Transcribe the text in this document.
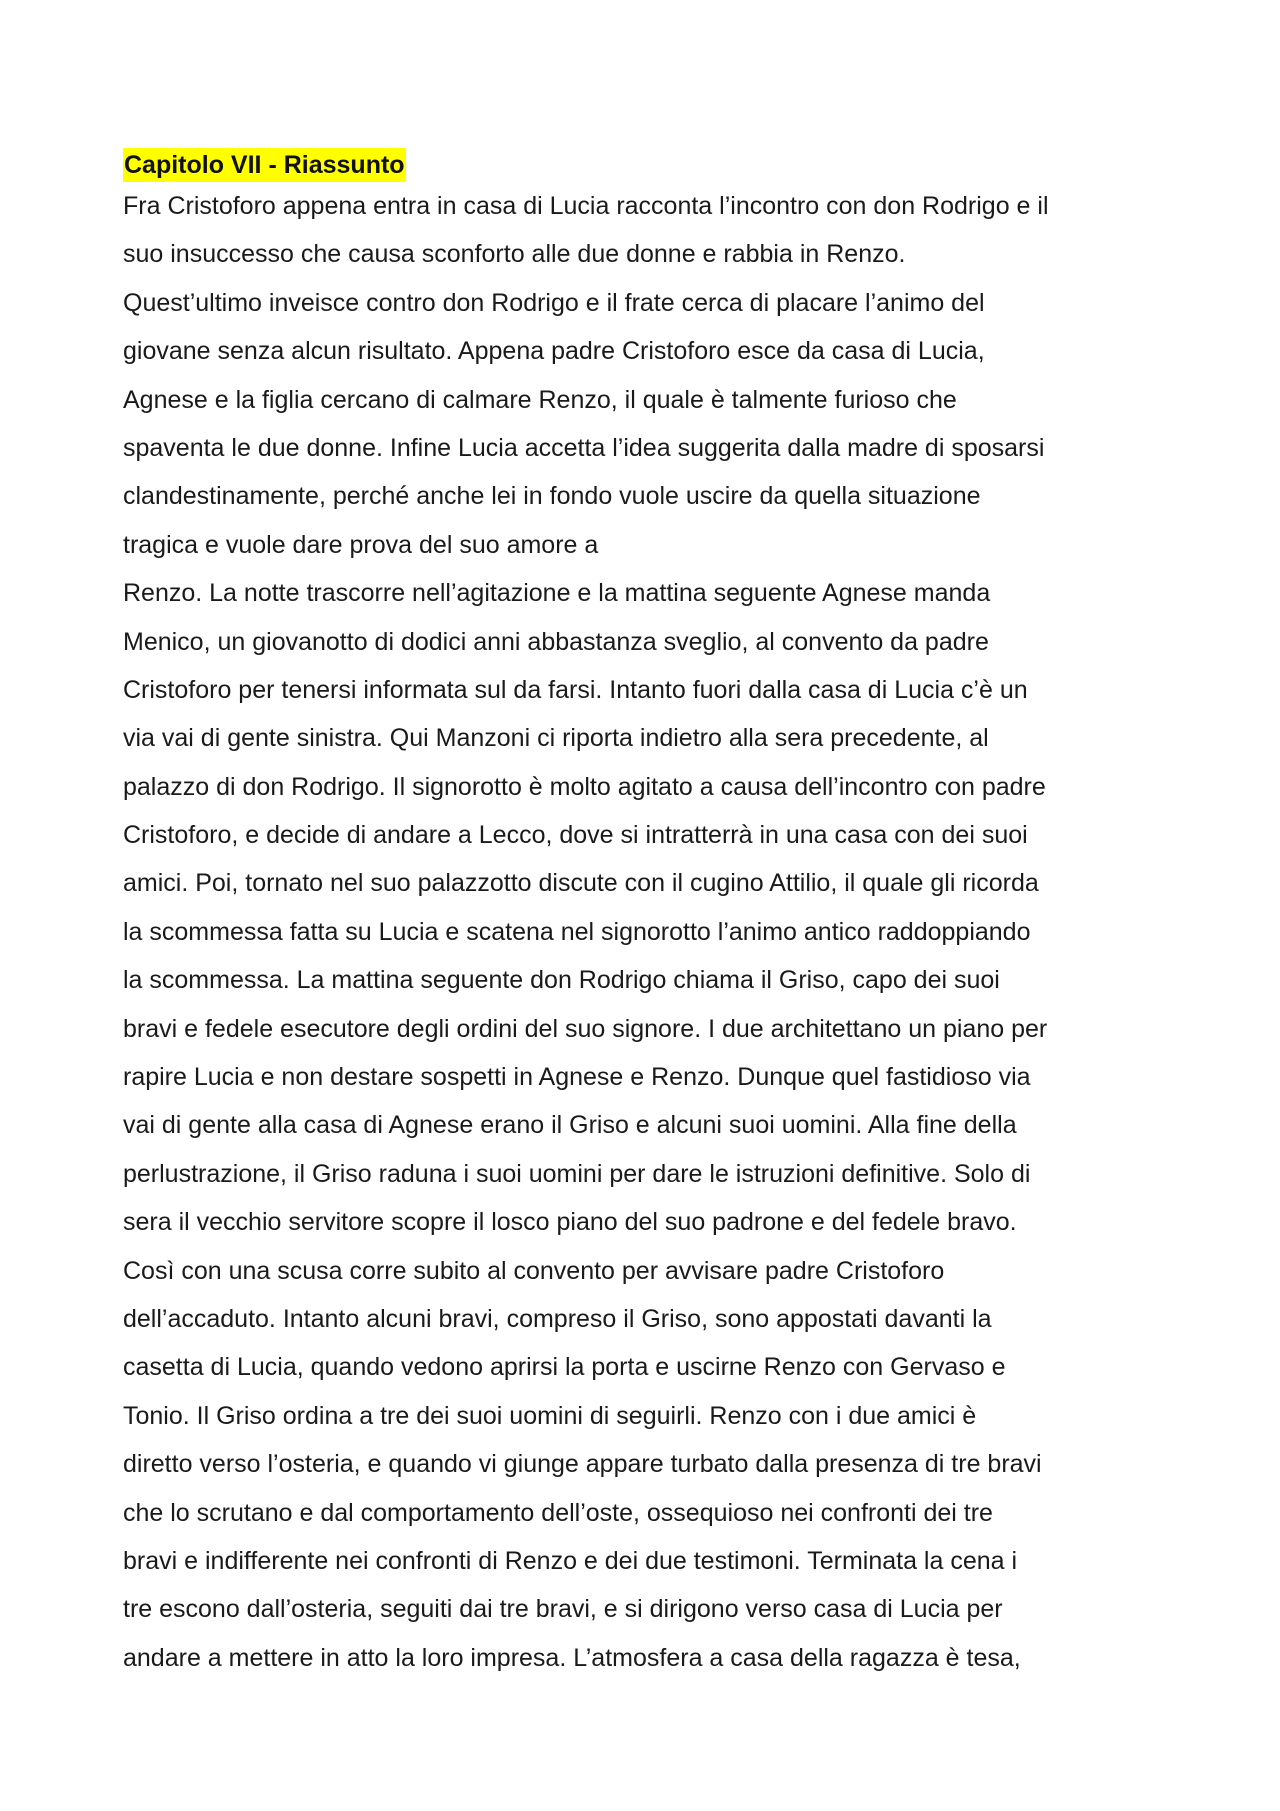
Capitolo VII - Riassunto
Fra Cristoforo appena entra in casa di Lucia racconta l’incontro con don Rodrigo e il
suo insuccesso che causa sconforto alle due donne e rabbia in Renzo.
Quest’ultimo inveisce contro don Rodrigo e il frate cerca di placare l’animo del
giovane senza alcun risultato. Appena padre Cristoforo esce da casa di Lucia,
Agnese e la figlia cercano di calmare Renzo, il quale è talmente furioso che
spaventa le due donne. Infine Lucia accetta l’idea suggerita dalla madre di sposarsi
clandestinamente, perché anche lei in fondo vuole uscire da quella situazione
tragica e vuole dare prova del suo amore a
Renzo. La notte trascorre nell’agitazione e la mattina seguente Agnese manda
Menico, un giovanotto di dodici anni abbastanza sveglio, al convento da padre
Cristoforo per tenersi informata sul da farsi. Intanto fuori dalla casa di Lucia c’è un
via vai di gente sinistra. Qui Manzoni ci riporta indietro alla sera precedente, al
palazzo di don Rodrigo. Il signorotto è molto agitato a causa dell’incontro con padre
Cristoforo, e decide di andare a Lecco, dove si intratterrà in una casa con dei suoi
amici. Poi, tornato nel suo palazzotto discute con il cugino Attilio, il quale gli ricorda
la scommessa fatta su Lucia e scatena nel signorotto l’animo antico raddoppiando
la scommessa. La mattina seguente don Rodrigo chiama il Griso, capo dei suoi
bravi e fedele esecutore degli ordini del suo signore. I due architettano un piano per
rapire Lucia e non destare sospetti in Agnese e Renzo. Dunque quel fastidioso via
vai di gente alla casa di Agnese erano il Griso e alcuni suoi uomini. Alla fine della
perlustrazione, il Griso raduna i suoi uomini per dare le istruzioni definitive. Solo di
sera il vecchio servitore scopre il losco piano del suo padrone e del fedele bravo.
Così con una scusa corre subito al convento per avvisare padre Cristoforo
dell’accaduto. Intanto alcuni bravi, compreso il Griso, sono appostati davanti la
casetta di Lucia, quando vedono aprirsi la porta e uscirne Renzo con Gervaso e
Tonio. Il Griso ordina a tre dei suoi uomini di seguirli. Renzo con i due amici è
diretto verso l’osteria, e quando vi giunge appare turbato dalla presenza di tre bravi
che lo scrutano e dal comportamento dell’oste, ossequioso nei confronti dei tre
bravi e indifferente nei confronti di Renzo e dei due testimoni. Terminata la cena i
tre escono dall’osteria, seguiti dai tre bravi, e si dirigono verso casa di Lucia per
andare a mettere in atto la loro impresa. L’atmosfera a casa della ragazza è tesa,
